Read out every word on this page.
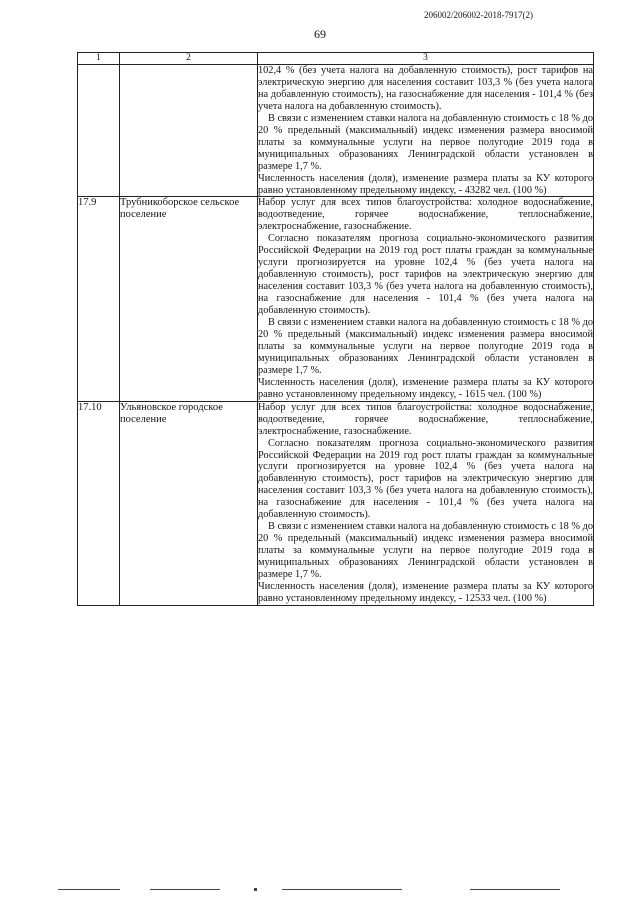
206002/206002-2018-7917(2)
69
1	2	3

		102,4 % (без учета налога на добавленную стоимость), рост тарифов на электрическую энергию для населения составит 103,3 % (без учета налога на добавленную стоимость), на газоснабжение для населения - 101,4 % (без учета налога на добавленную стоимость).
В связи с изменением ставки налога на добавленную стоимость с 18 % до 20 % предельный (максимальный) индекс изменения размера вносимой платы за коммунальные услуги на первое полугодие 2019 года в муниципальных образованиях Ленинградской области установлен в размере 1,7 %.
Численность населения (доля), изменение размера платы за КУ которого равно установленному предельному индексу, - 43282 чел. (100 %)

17.9	Трубникоборское сельское поселение	Набор услуг для всех типов благоустройства: холодное водоснабжение, водоотведение, горячее водоснабжение, теплоснабжение, электроснабжение, газоснабжение.
Согласно показателям прогноза социально-экономического развития Российской Федерации на 2019 год рост платы граждан за коммунальные услуги прогнозируется на уровне 102,4 % (без учета налога на добавленную стоимость), рост тарифов на электрическую энергию для населения составит 103,3 % (без учета налога на добавленную стоимость), на газоснабжение для населения - 101,4 % (без учета налога на добавленную стоимость).
В связи с изменением ставки налога на добавленную стоимость с 18 % до 20 % предельный (максимальный) индекс изменения размера вносимой платы за коммунальные услуги на первое полугодие 2019 года в муниципальных образованиях Ленинградской области установлен в размере 1,7 %.
Численность населения (доля), изменение размера платы за КУ которого равно установленному предельному индексу, - 1615 чел. (100 %)

17.10	Ульяновское городское поселение	Набор услуг для всех типов благоустройства: холодное водоснабжение, водоотведение, горячее водоснабжение, теплоснабжение, электроснабжение, газоснабжение.
Согласно показателям прогноза социально-экономического развития Российской Федерации на 2019 год рост платы граждан за коммунальные услуги прогнозируется на уровне 102,4 % (без учета налога на добавленную стоимость), рост тарифов на электрическую энергию для населения составит 103,3 % (без учета налога на добавленную стоимость), на газоснабжение для населения - 101,4 % (без учета налога на добавленную стоимость).
В связи с изменением ставки налога на добавленную стоимость с 18 % до 20 % предельный (максимальный) индекс изменения размера вносимой платы за коммунальные услуги на первое полугодие 2019 года в муниципальных образованиях Ленинградской области установлен в размере 1,7 %.
Численность населения (доля), изменение размера платы за КУ которого равно установленному предельному индексу, - 12533 чел. (100 %)
